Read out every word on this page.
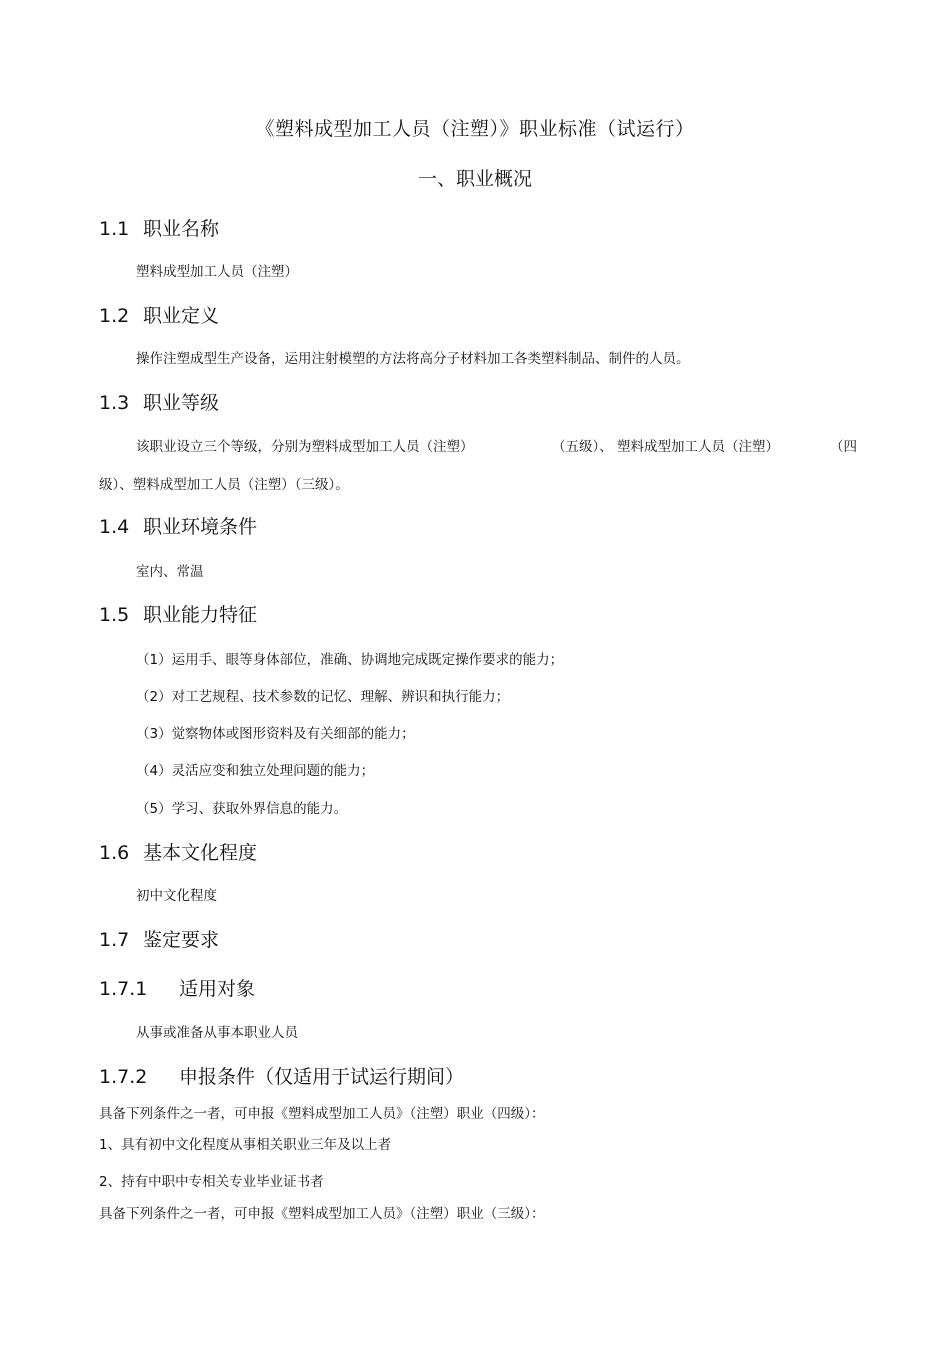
《塑料成型加工人员（注塑）》职业标准（试运行）
一、职业概况
1.1 职业名称
塑料成型加工人员（注塑）
1.2 职业定义
操作注塑成型生产设备，运用注射模塑的方法将高分子材料加工各类塑料制品、制件的人员。
1.3 职业等级
该职业设立三个等级，分别为塑料成型加工人员（注塑）	（五级）、 塑料成型加工人员（注塑）	（四
级）、塑料成型加工人员（注塑）（三级）。
1.4 职业环境条件
室内、常温
1.5 职业能力特征
（1）运用手、眼等身体部位，准确、协调地完成既定操作要求的能力；
（2）对工艺规程、技术参数的记忆、理解、辨识和执行能力；
（3）觉察物体或图形资料及有关细部的能力；
（4）灵活应变和独立处理问题的能力；
（5）学习、获取外界信息的能力。
1.6 基本文化程度
初中文化程度
1.7 鉴定要求
1.7.1 适用对象
从事或准备从事本职业人员
1.7.2 申报条件（仅适用于试运行期间）
具备下列条件之一者，可申报《塑料成型加工人员》（注塑）职业（四级）：
1、具有初中文化程度从事相关职业三年及以上者
2、持有中职中专相关专业毕业证书者
具备下列条件之一者，可申报《塑料成型加工人员》（注塑）职业（三级）：
